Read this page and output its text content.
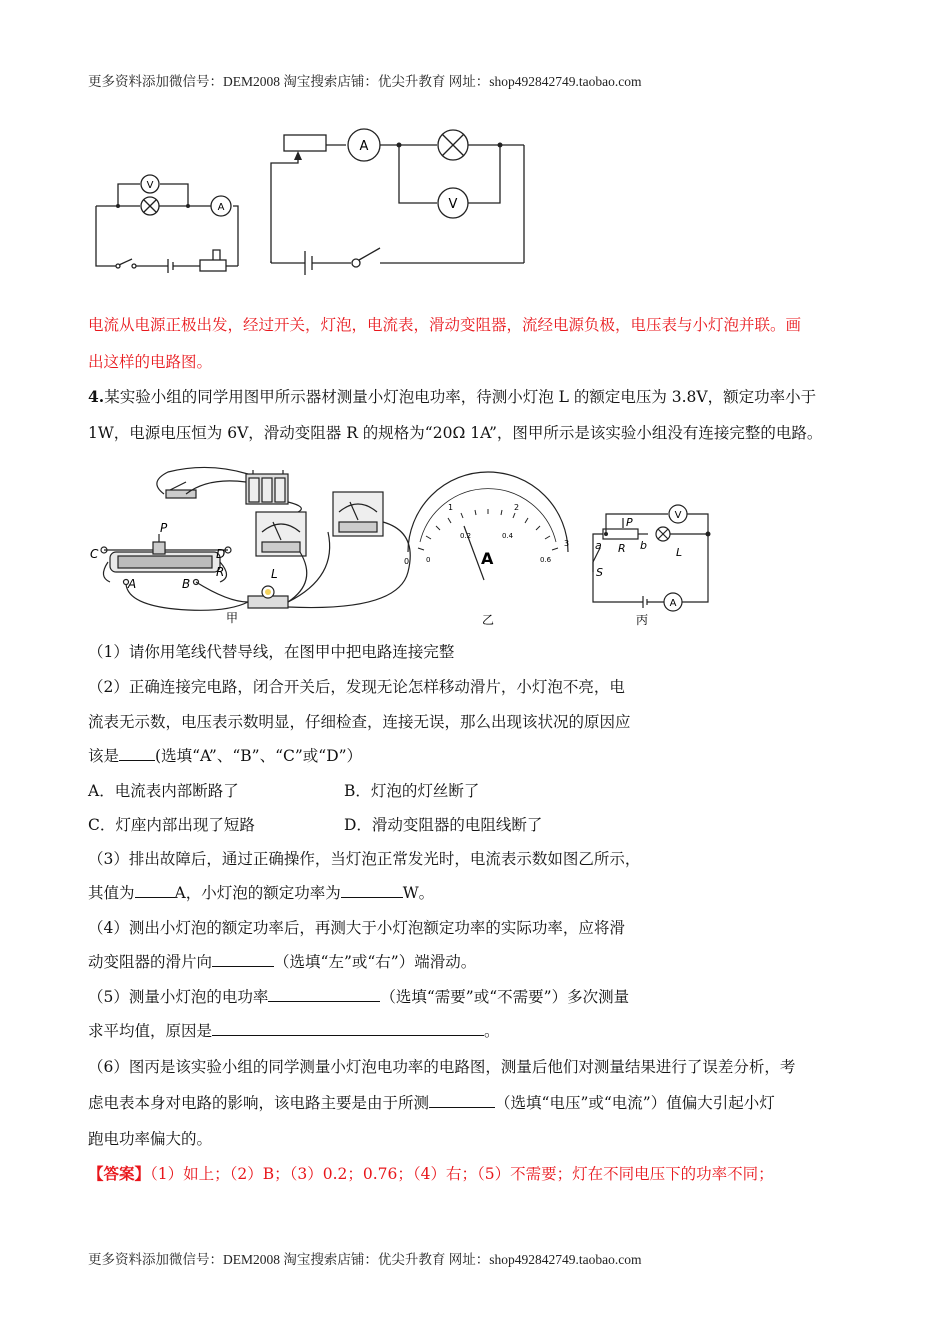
更多资料添加微信号：DEM2008 淘宝搜索店铺：优尖升教育 网址：shop492842749.taobao.com
V
A
A
V
电流从电源正极出发，经过开关，灯泡，电流表，滑动变阻器，流经电源负极，电压表与小灯泡并联。画
出这样的电路图。
4.某实验小组的同学用图甲所示器材测量小灯泡电功率，待测小灯泡 L 的额定电压为 3.8V，额定功率小于
1W，电源电压恒为 6V，滑动变阻器 R 的规格为“20Ω 1A”，图甲所示是该实验小组没有连接完整的电路。
C	D
P
A	B
R	L
甲
0
1	2
3
0
0.2	0.4
0.6
A
乙
A
V
P
a R b
L
S
丙
（1）请你用笔线代替导线，在图甲中把电路连接完整
（2）正确连接完电路，闭合开关后，发现无论怎样移动滑片，小灯泡不亮，电
流表无示数，电压表示数明显，仔细检查，连接无误，那么出现该状况的原因应
该是 (选填“A”、“B”、“C”或“D”）
A．电流表内部断路了	B．灯泡的灯丝断了
C．灯座内部出现了短路	D．滑动变阻器的电阻线断了
（3）排出故障后，通过正确操作，当灯泡正常发光时，电流表示数如图乙所示，
其值为	A，小灯泡的额定功率为	W。
（4）测出小灯泡的额定功率后，再测大于小灯泡额定功率的实际功率，应将滑
动变阻器的滑片向	（选填“左”或“右”）端滑动。
（5）测量小灯泡的电功率	（选填“需要”或“不需要”）多次测量
求平均值，原因是	。
（6）图丙是该实验小组的同学测量小灯泡电功率的电路图，测量后他们对测量结果进行了误差分析，考
虑电表本身对电路的影响，该电路主要是由于所测	（选填“电压”或“电流”）值偏大引起小灯
跑电功率偏大的。
【答案】（1）如上；（2）B；（3）0.2；0.76；（4）右；（5）不需要；灯在不同电压下的功率不同；
更多资料添加微信号：DEM2008 淘宝搜索店铺：优尖升教育 网址：shop492842749.taobao.com
